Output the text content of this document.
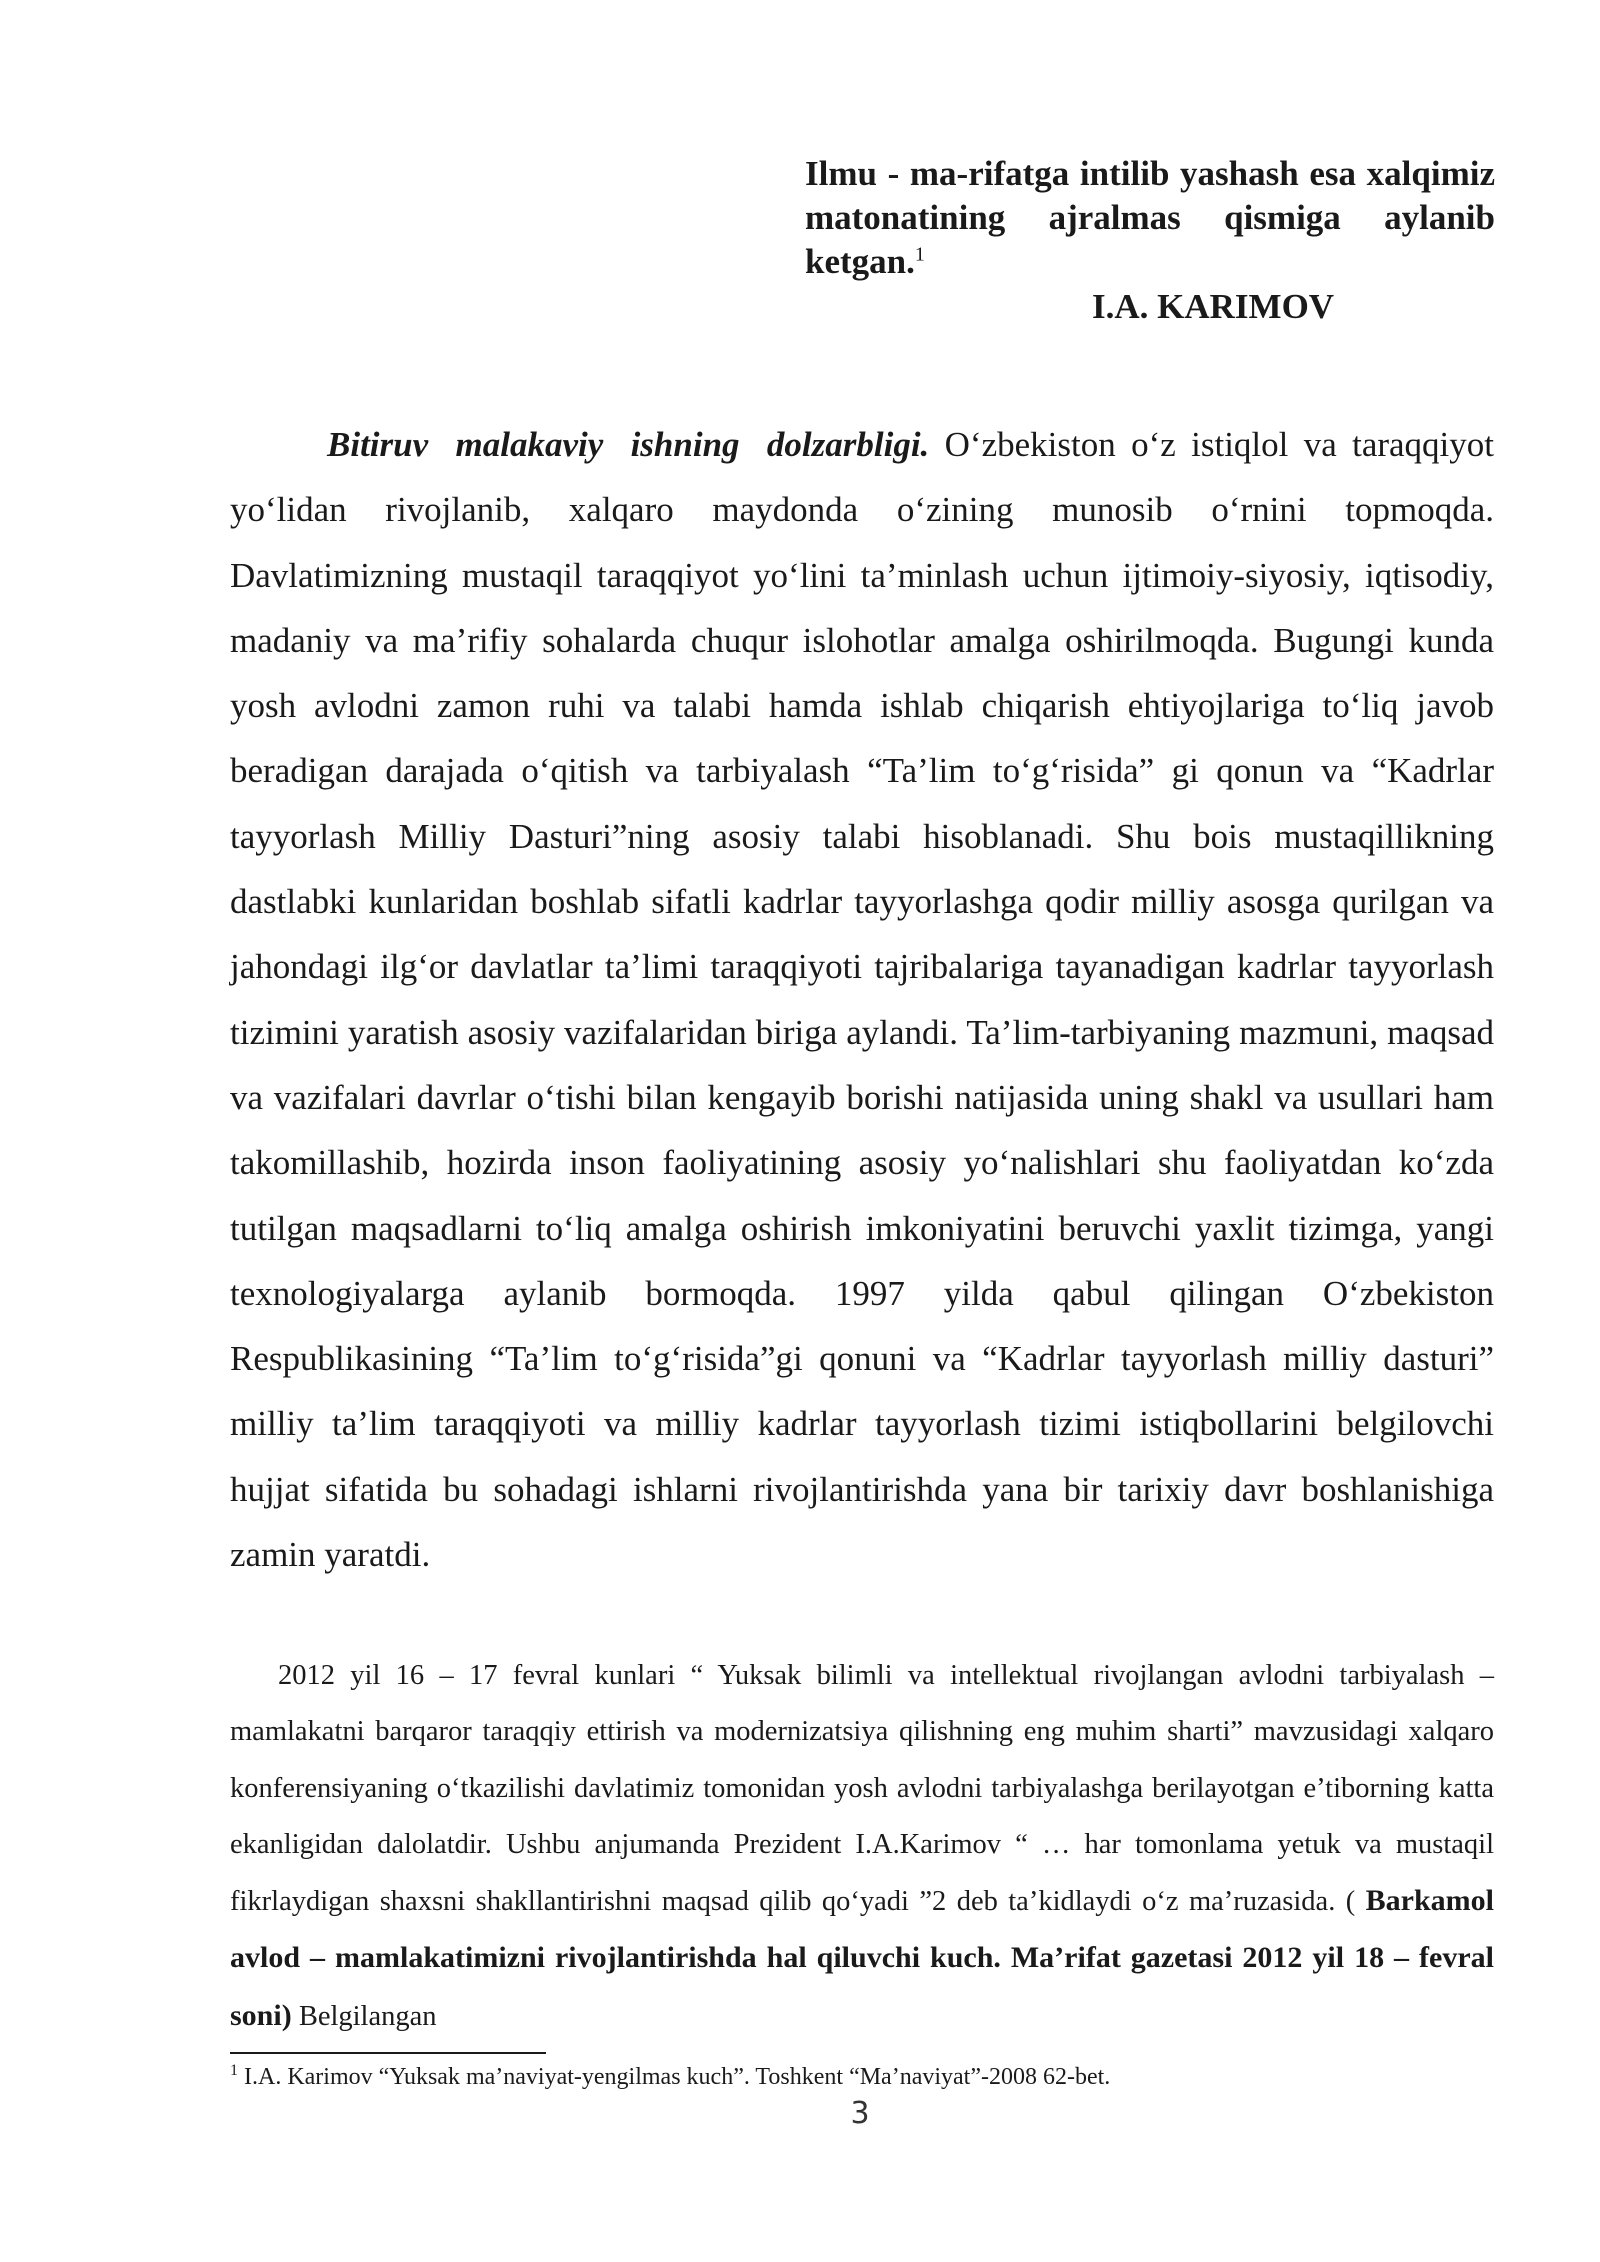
Ilmu - ma-rifatga intilib yashash esa xalqimiz matonatining ajralmas qismiga aylanib ketgan.$^1$
I.A. KARIMOV

Bitiruv malakaviy ishning dolzarbligi. O‘zbekiston o‘z istiqlol va taraqqiyot yo‘lidan rivojlanib, xalqaro maydonda o‘zining munosib o‘rnini topmoqda. Davlatimizning mustaqil taraqqiyot yo‘lini ta’minlash uchun ijtimoiy-siyosiy, iqtisodiy, madaniy va ma’rifiy sohalarda chuqur islohotlar amalga oshirilmoqda. Bugungi kunda yosh avlodni zamon ruhi va talabi hamda ishlab chiqarish ehtiyojlariga to‘liq javob beradigan darajada o‘qitish va tarbiyalash “Ta’lim to‘g‘risida” gi qonun va “Kadrlar tayyorlash Milliy Dasturi”ning asosiy talabi hisoblanadi. Shu bois mustaqillikning dastlabki kunlaridan boshlab sifatli kadrlar tayyorlashga qodir milliy asosga qurilgan va jahondagi ilg‘or davlatlar ta’limi taraqqiyoti tajribalariga tayanadigan kadrlar tayyorlash tizimini yaratish asosiy vazifalaridan biriga aylandi. Ta’lim-tarbiyaning mazmuni, maqsad va vazifalari davrlar o‘tishi bilan kengayib borishi natijasida uning shakl va usullari ham takomillashib, hozirda inson faoliyatining asosiy yo‘nalishlari shu faoliyatdan ko‘zda tutilgan maqsadlarni to‘liq amalga oshirish imkoniyatini beruvchi yaxlit tizimga, yangi texnologiyalarga aylanib bormoqda. 1997 yilda qabul qilingan O‘zbekiston Respublikasining “Ta’lim to‘g‘risida”gi qonuni va “Kadrlar tayyorlash milliy dasturi” milliy ta’lim taraqqiyoti va milliy kadrlar tayyorlash tizimi istiqbollarini belgilovchi hujjat sifatida bu sohadagi ishlarni rivojlantirishda yana bir tarixiy davr boshlanishiga zamin yaratdi.

2012 yil 16 – 17 fevral kunlari “ Yuksak bilimli va intellektual rivojlangan avlodni tarbiyalash – mamlakatni barqaror taraqqiy ettirish va modernizatsiya qilishning eng muhim sharti” mavzusidagi xalqaro konferensiyaning o‘tkazilishi davlatimiz tomonidan yosh avlodni tarbiyalashga berilayotgan e’tiborning katta ekanligidan dalolatdir. Ushbu anjumanda Prezident I.A.Karimov “ … har tomonlama yetuk va mustaqil fikrlaydigan shaxsni shakllantirishni maqsad qilib qo‘yadi ”2 deb ta’kidlaydi o‘z ma’ruzasida. ( Barkamol avlod – mamlakatimizni rivojlantirishda hal qiluvchi kuch. Ma’rifat gazetasi 2012 yil 18 – fevral soni) Belgilangan

$^1$ I.A. Karimov “Yuksak ma’naviyat-yengilmas kuch”. Toshkent “Ma’naviyat”-2008 62-bet.
3
